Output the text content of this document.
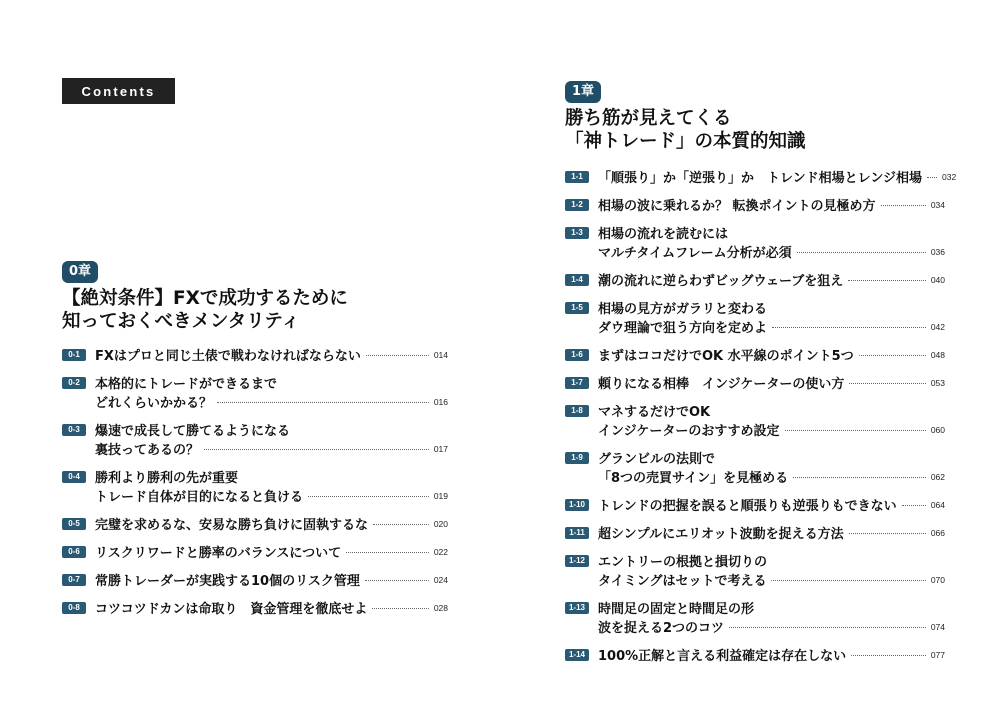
Contents
0章
【絶対条件】FXで成功するために
知っておくべきメンタリティ
0-1	FXはプロと同じ土俵で戦わなければならない	014
0-2	本格的にトレードができるまで
どれくらいかかる？	016
0-3	爆速で成長して勝てるようになる
裏技ってあるの？	017
0-4	勝利より勝利の先が重要
トレード自体が目的になると負ける	019
0-5	完璧を求めるな、安易な勝ち負けに固執するな	020
0-6	リスクリワードと勝率のバランスについて	022
0-7	常勝トレーダーが実践する10個のリスク管理	024
0-8	コツコツドカンは命取り　資金管理を徹底せよ	028
1章
勝ち筋が見えてくる
「神トレード」の本質的知識
1-1	「順張り」か「逆張り」か　トレンド相場とレンジ相場 032
1-2	相場の波に乗れるか？ 転換ポイントの見極め方	034
1-3	相場の流れを読むには
マルチタイムフレーム分析が必須	036
1-4	潮の流れに逆らわずビッグウェーブを狙え	040
1-5	相場の見方がガラリと変わる
ダウ理論で狙う方向を定めよ	042
1-6	まずはココだけでOK 水平線のポイント5つ	048
1-7	頼りになる相棒　インジケーターの使い方	053
1-8	マネするだけでOK
インジケーターのおすすめ設定	060
1-9	グランビルの法則で
「8つの売買サイン」を見極める	062
1-10	トレンドの把握を誤ると順張りも逆張りもできない	064
1-11	超シンプルにエリオット波動を捉える方法	066
1-12	エントリーの根拠と損切りの
タイミングはセットで考える	070
1-13	時間足の固定と時間足の形
波を捉える2つのコツ	074
1-14	100%正解と言える利益確定は存在しない	077
